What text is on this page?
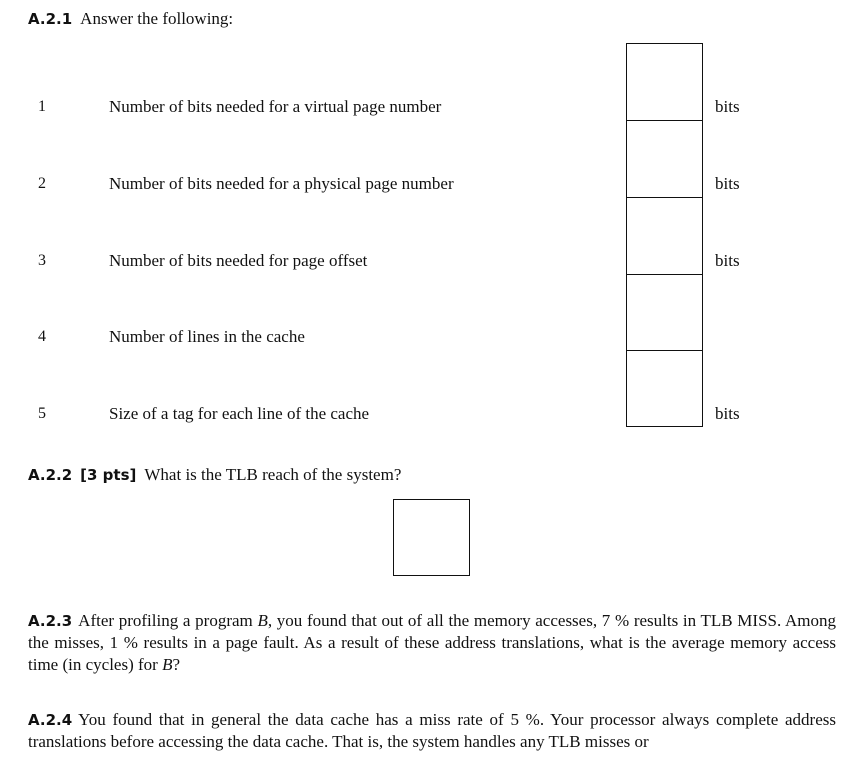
A.2.1 Answer the following:
1
2
3
4
5
Number of bits needed for a virtual page number
Number of bits needed for a physical page number
Number of bits needed for page offset
Number of lines in the cache
Size of a tag for each line of the cache
bits
bits
bits
bits
A.2.2 [3 pts] What is the TLB reach of the system?
A.2.3 After profiling a program B, you found that out of all the memory accesses, 7 % results in TLB MISS. Among the misses, 1 % results in a page fault. As a result of these address translations, what is the average memory access time (in cycles) for B?
A.2.4 You found that in general the data cache has a miss rate of 5 %. Your processor always complete address translations before accessing the data cache. That is, the system handles any TLB misses or
